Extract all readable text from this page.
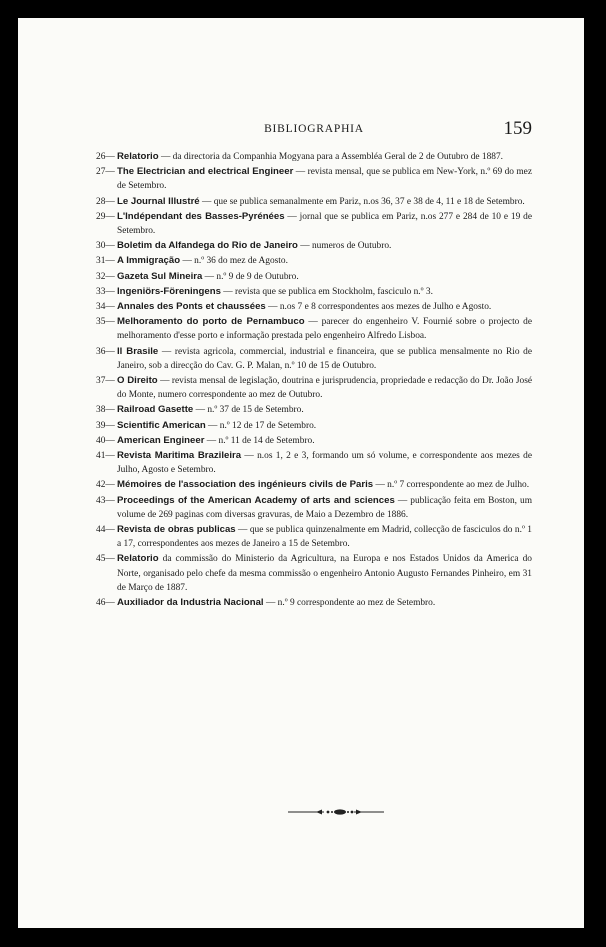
BIBLIOGRAPHIA	159
26— Relatorio — da directoria da Companhia Mogyana para a Assembléa Geral de 2 de Outubro de 1887.
27— The Electrician and electrical Engineer — revista mensal, que se publica em New-York, n.º 69 do mez de Setembro.
28— Le Journal Illustré — que se publica semanalmente em Pariz, n.os 36, 37 e 38 de 4, 11 e 18 de Setembro.
29— L'Indépendant des Basses-Pyrénées — jornal que se publica em Pariz, n.os 277 e 284 de 10 e 19 de Setembro.
30— Boletim da Alfandega do Rio de Janeiro — numeros de Outubro.
31— A Immigração — n.º 36 do mez de Agosto.
32— Gazeta Sul Mineira — n.º 9 de 9 de Outubro.
33— Ingeniörs-Föreningens — revista que se publica em Stockholm, fasciculo n.º 3.
34— Annales des Ponts et chaussées — n.os 7 e 8 correspondentes aos mezes de Julho e Agosto.
35— Melhoramento do porto de Pernambuco — parecer do engenheiro V. Fournié sobre o projecto de melhoramento d'esse porto e informação prestada pelo engenheiro Alfredo Lisboa.
36— Il Brasile — revista agricola, commercial, industrial e financeira, que se publica mensalmente no Rio de Janeiro, sob a direcção do Cav. G. P. Malan, n.º 10 de 15 de Outubro.
37— O Direito — revista mensal de legislação, doutrina e jurisprudencia, propriedade e redacção do Dr. João José do Monte, numero correspondente ao mez de Outubro.
38— Railroad Gasette — n.º 37 de 15 de Setembro.
39— Scientific American — n.º 12 de 17 de Setembro.
40— American Engineer — n.º 11 de 14 de Setembro.
41— Revista Maritima Brazileira — n.os 1, 2 e 3, formando um só volume, e correspondente aos mezes de Julho, Agosto e Setembro.
42— Mémoires de l'association des ingénieurs civils de Paris — n.º 7 correspondente ao mez de Julho.
43— Proceedings of the American Academy of arts and sciences — publicação feita em Boston, um volume de 269 paginas com diversas gravuras, de Maio a Dezembro de 1886.
44— Revista de obras publicas — que se publica quinzenalmente em Madrid, collecção de fasciculos do n.º 1 a 17, correspondentes aos mezes de Janeiro a 15 de Setembro.
45— Relatorio da commissão do Ministerio da Agricultura, na Europa e nos Estados Unidos da America do Norte, organisado pelo chefe da mesma commissão o engenheiro Antonio Augusto Fernandes Pinheiro, em 31 de Março de 1887.
46— Auxiliador da Industria Nacional — n.º 9 correspondente ao mez de Setembro.
